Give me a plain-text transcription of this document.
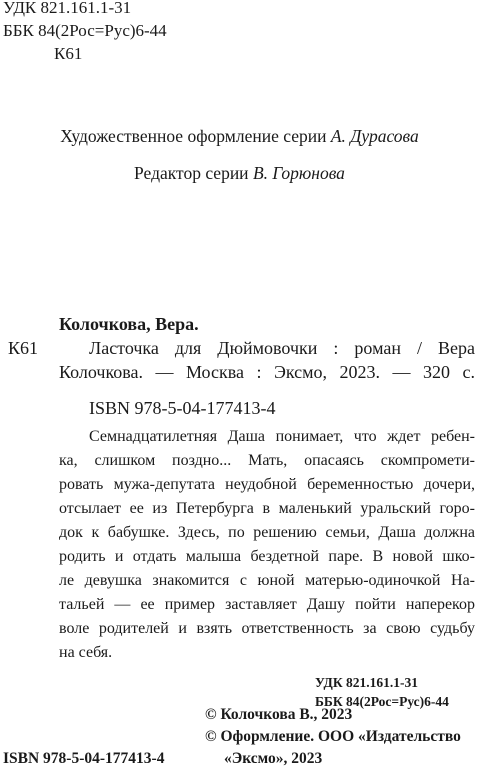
УДК 821.161.1-31
ББК 84(2Рос=Рус)6-44
К61
Художественное оформление серии А. Дурасова
Редактор серии В. Горюнова
Колочкова, Вера.
К61	Ласточка для Дюймовочки : роман / Вера
Колочкова. — Москва : Эксмо, 2023. — 320 с.
ISBN 978-5-04-177413-4
Семнадцатилетняя Даша понимает, что ждет ребен-
ка, слишком поздно... Мать, опасаясь скомпромети-
ровать мужа-депутата неудобной беременностью дочери,
отсылает ее из Петербурга в маленький уральский горо-
док к бабушке. Здесь, по решению семьи, Даша должна
родить и отдать малыша бездетной паре. В новой шко-
ле девушка знакомится с юной матерью-одиночкой На-
тальей — ее пример заставляет Дашу пойти наперекор
воле родителей и взять ответственность за свою судьбу
на себя.
УДК 821.161.1-31
ББК 84(2Рос=Рус)6-44
© Колочкова В., 2023
© Оформление. ООО «Издательство
ISBN 978-5-04-177413-4	«Эксмо», 2023
